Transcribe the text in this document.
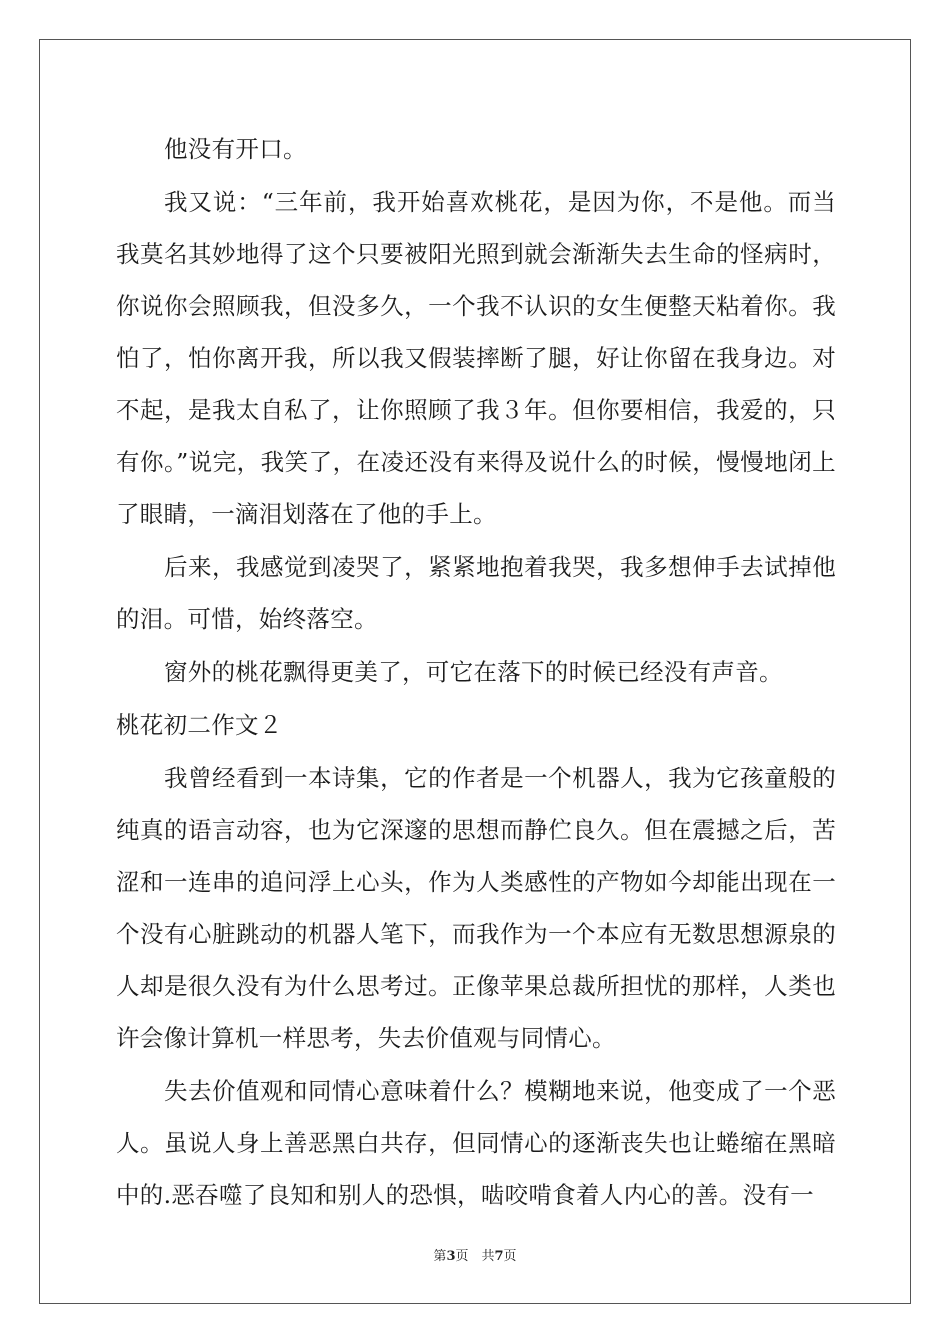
他没有开口。

我又说：“三年前，我开始喜欢桃花，是因为你，不是他。而当我莫名其妙地得了这个只要被阳光照到就会渐渐失去生命的怪病时，你说你会照顾我，但没多久，一个我不认识的女生便整天粘着你。我怕了，怕你离开我，所以我又假装摔断了腿，好让你留在我身边。对不起，是我太自私了，让你照顾了我３年。但你要相信，我爱的，只有你。”说完，我笑了，在凌还没有来得及说什么的时候，慢慢地闭上了眼睛，一滴泪划落在了他的手上。

后来，我感觉到凌哭了，紧紧地抱着我哭，我多想伸手去试掉他的泪。可惜，始终落空。

窗外的桃花飘得更美了，可它在落下的时候已经没有声音。

桃花初二作文２

我曾经看到一本诗集，它的作者是一个机器人，我为它孩童般的纯真的语言动容，也为它深邃的思想而静伫良久。但在震撼之后，苦涩和一连串的追问浮上心头，作为人类感性的产物如今却能出现在一个没有心脏跳动的机器人笔下，而我作为一个本应有无数思想源泉的人却是很久没有为什么思考过。正像苹果总裁所担忧的那样，人类也许会像计算机一样思考，失去价值观与同情心。

失去价值观和同情心意味着什么？模糊地来说，他变成了一个恶人。虽说人身上善恶黑白共存，但同情心的逐渐丧失也让蜷缩在黑暗中的.恶吞噬了良知和别人的恐惧，啮咬啃食着人内心的善。没有一

第3页　共7页
